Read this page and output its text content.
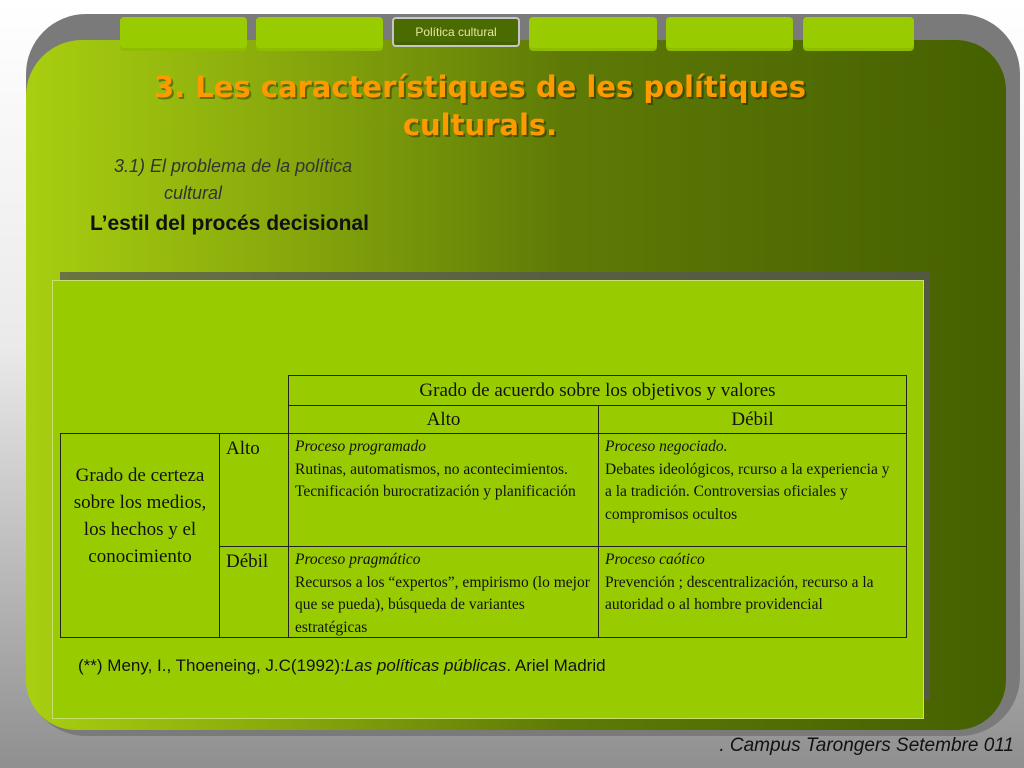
Política cultural
3. Les característiques de les polítiques culturals.
3.1) El problema de la política
cultural
L’estil del procés decisional
Grado de acuerdo sobre los objetivos y valores
Alto	Débil
Grado de certeza sobre los medios, los hechos y el conocimiento
Alto
Débil
Proceso programado
Rutinas, automatismos, no acontecimientos. Tecnificación burocratización y planificación
Proceso negociado.
Debates ideológicos, rcurso a la experiencia y a la tradición. Controversias oficiales y compromisos ocultos
Proceso pragmático
Recursos a los “expertos”, empirismo (lo mejor que se pueda), búsqueda de variantes estratégicas
Proceso caótico
Prevención ; descentralización, recurso a la autoridad o al hombre providencial
(**) Meny, I., Thoeneing, J.C(1992):Las políticas públicas. Ariel Madrid
. Campus Tarongers Setembre 011
